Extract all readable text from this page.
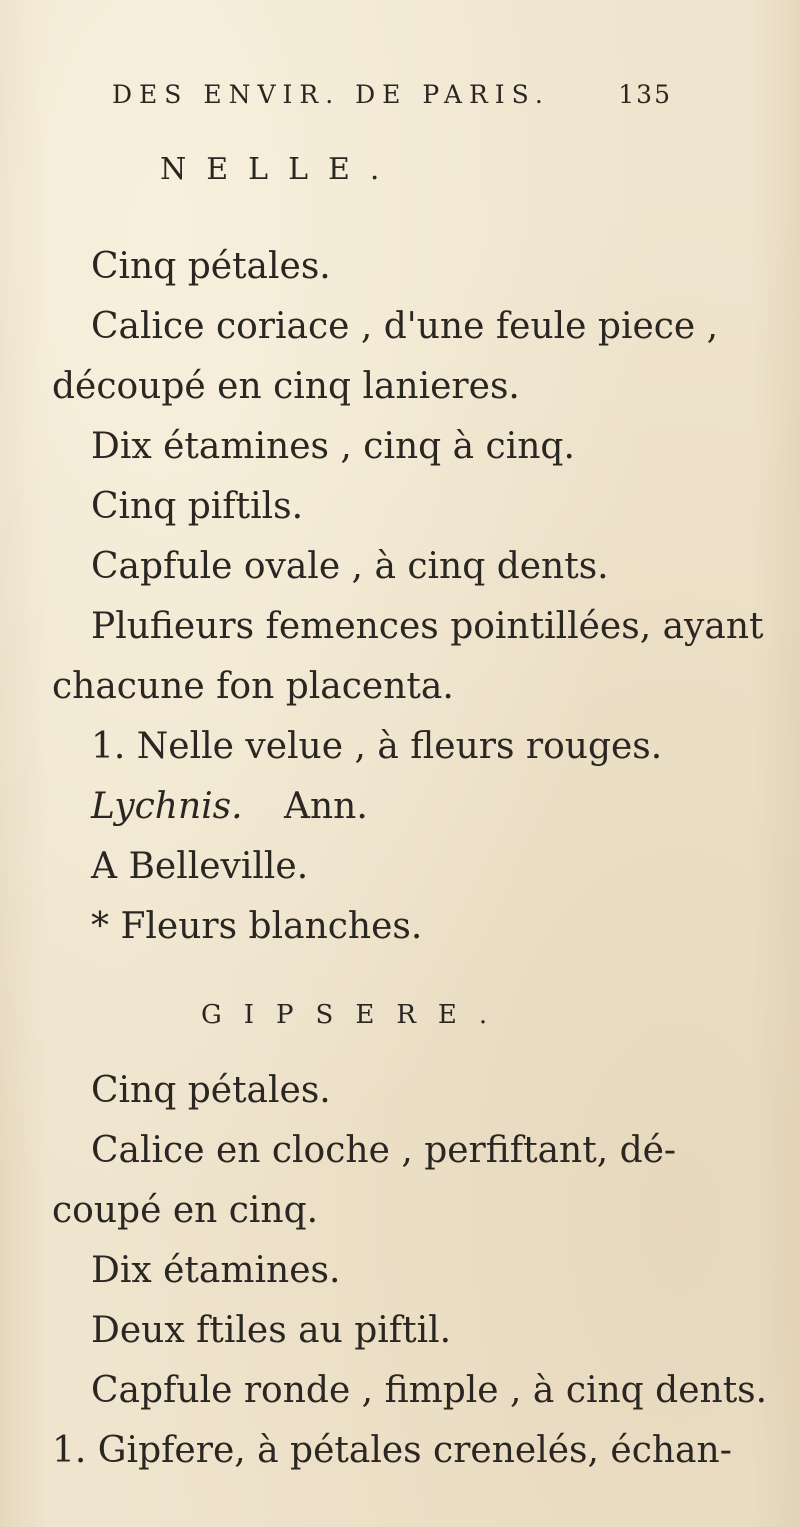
DES ENVIR. DE PARIS.	135
NELLE.
Cinq pétales.
Calice coriace , d'une feule piece ,
découpé en cinq lanieres.
Dix étamines , cinq à cinq.
Cinq piftils.
Capfule ovale , à cinq dents.
Plufieurs femences pointillées, ayant
chacune fon placenta.
1. Nelle velue , à fleurs rouges.
Lychnis. Ann.
A Belleville.
* Fleurs blanches.
GIPSERE.
Cinq pétales.
Calice en cloche , perfiftant, dé-
coupé en cinq.
Dix étamines.
Deux ftiles au piftil.
Capfule ronde , fimple , à cinq dents.
1. Gipfere, à pétales crenelés, échan-
